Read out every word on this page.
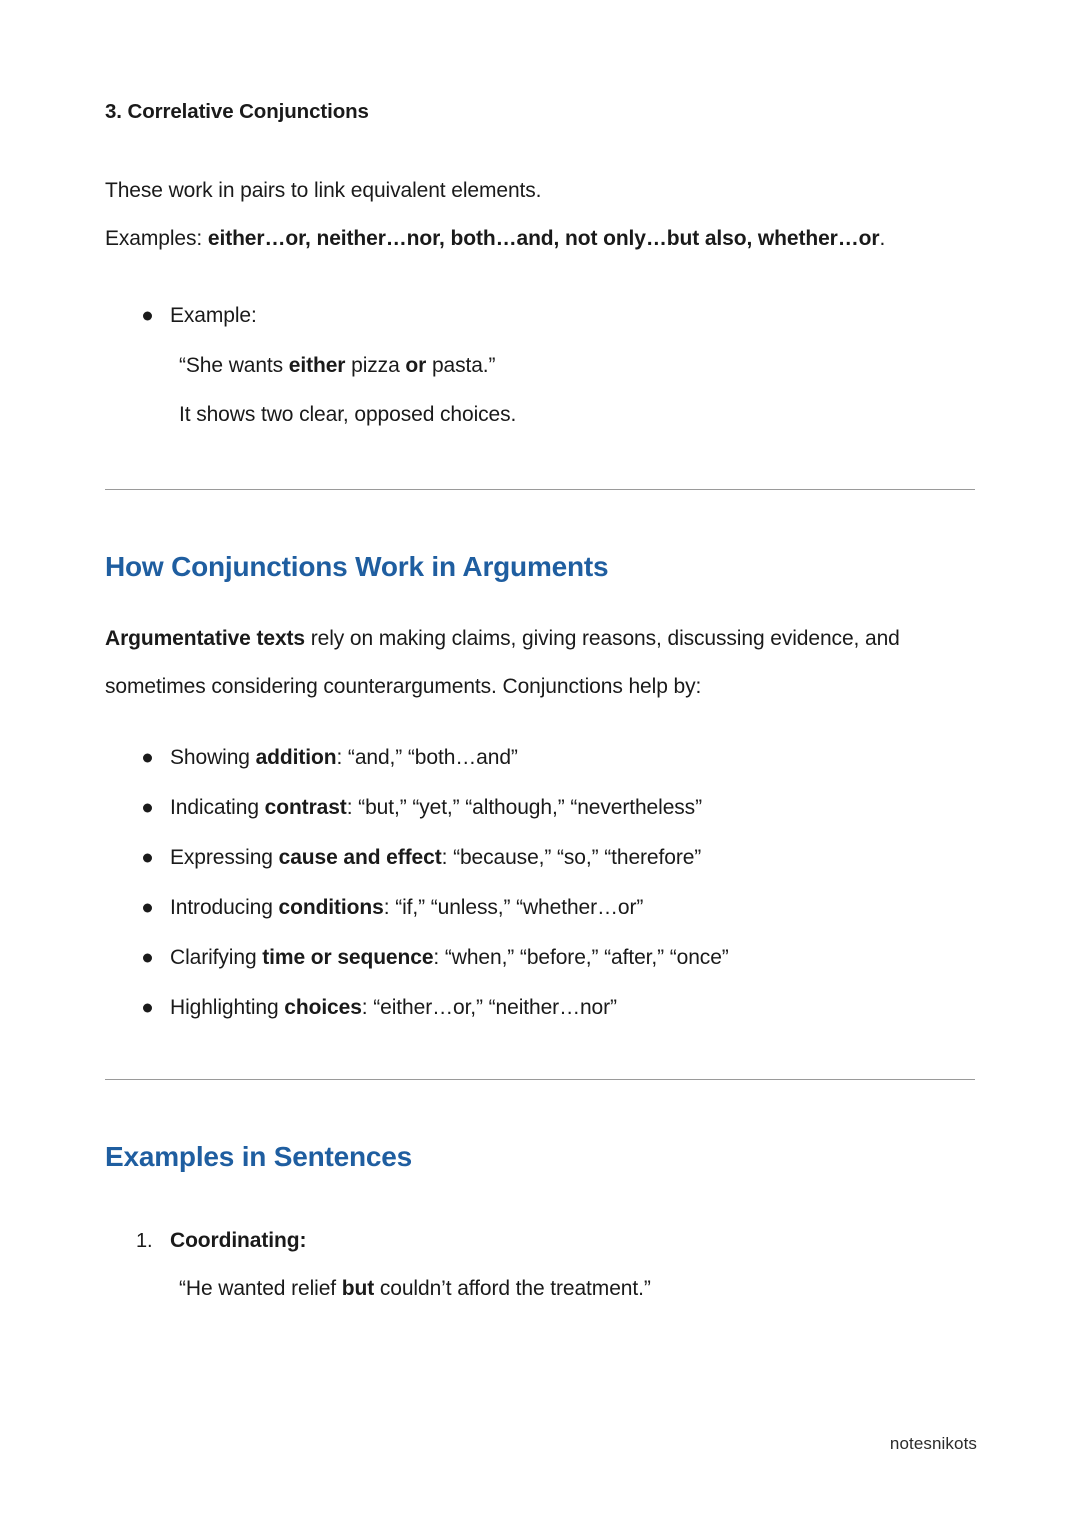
3. Correlative Conjunctions

These work in pairs to link equivalent elements.

Examples: either…or, neither…nor, both…and, not only…but also, whether…or.

Example:
“She wants either pizza or pasta.”
It shows two clear, opposed choices.
How Conjunctions Work in Arguments

Argumentative texts rely on making claims, giving reasons, discussing evidence, and sometimes considering counterarguments. Conjunctions help by:

Showing addition: “and,” “both…and”
Indicating contrast: “but,” “yet,” “although,” “nevertheless”
Expressing cause and effect: “because,” “so,” “therefore”
Introducing conditions: “if,” “unless,” “whether…or”
Clarifying time or sequence: “when,” “before,” “after,” “once”
Highlighting choices: “either…or,” “neither…nor”
Examples in Sentences
1. Coordinating:
“He wanted relief but couldn’t afford the treatment.”
notesnikots
